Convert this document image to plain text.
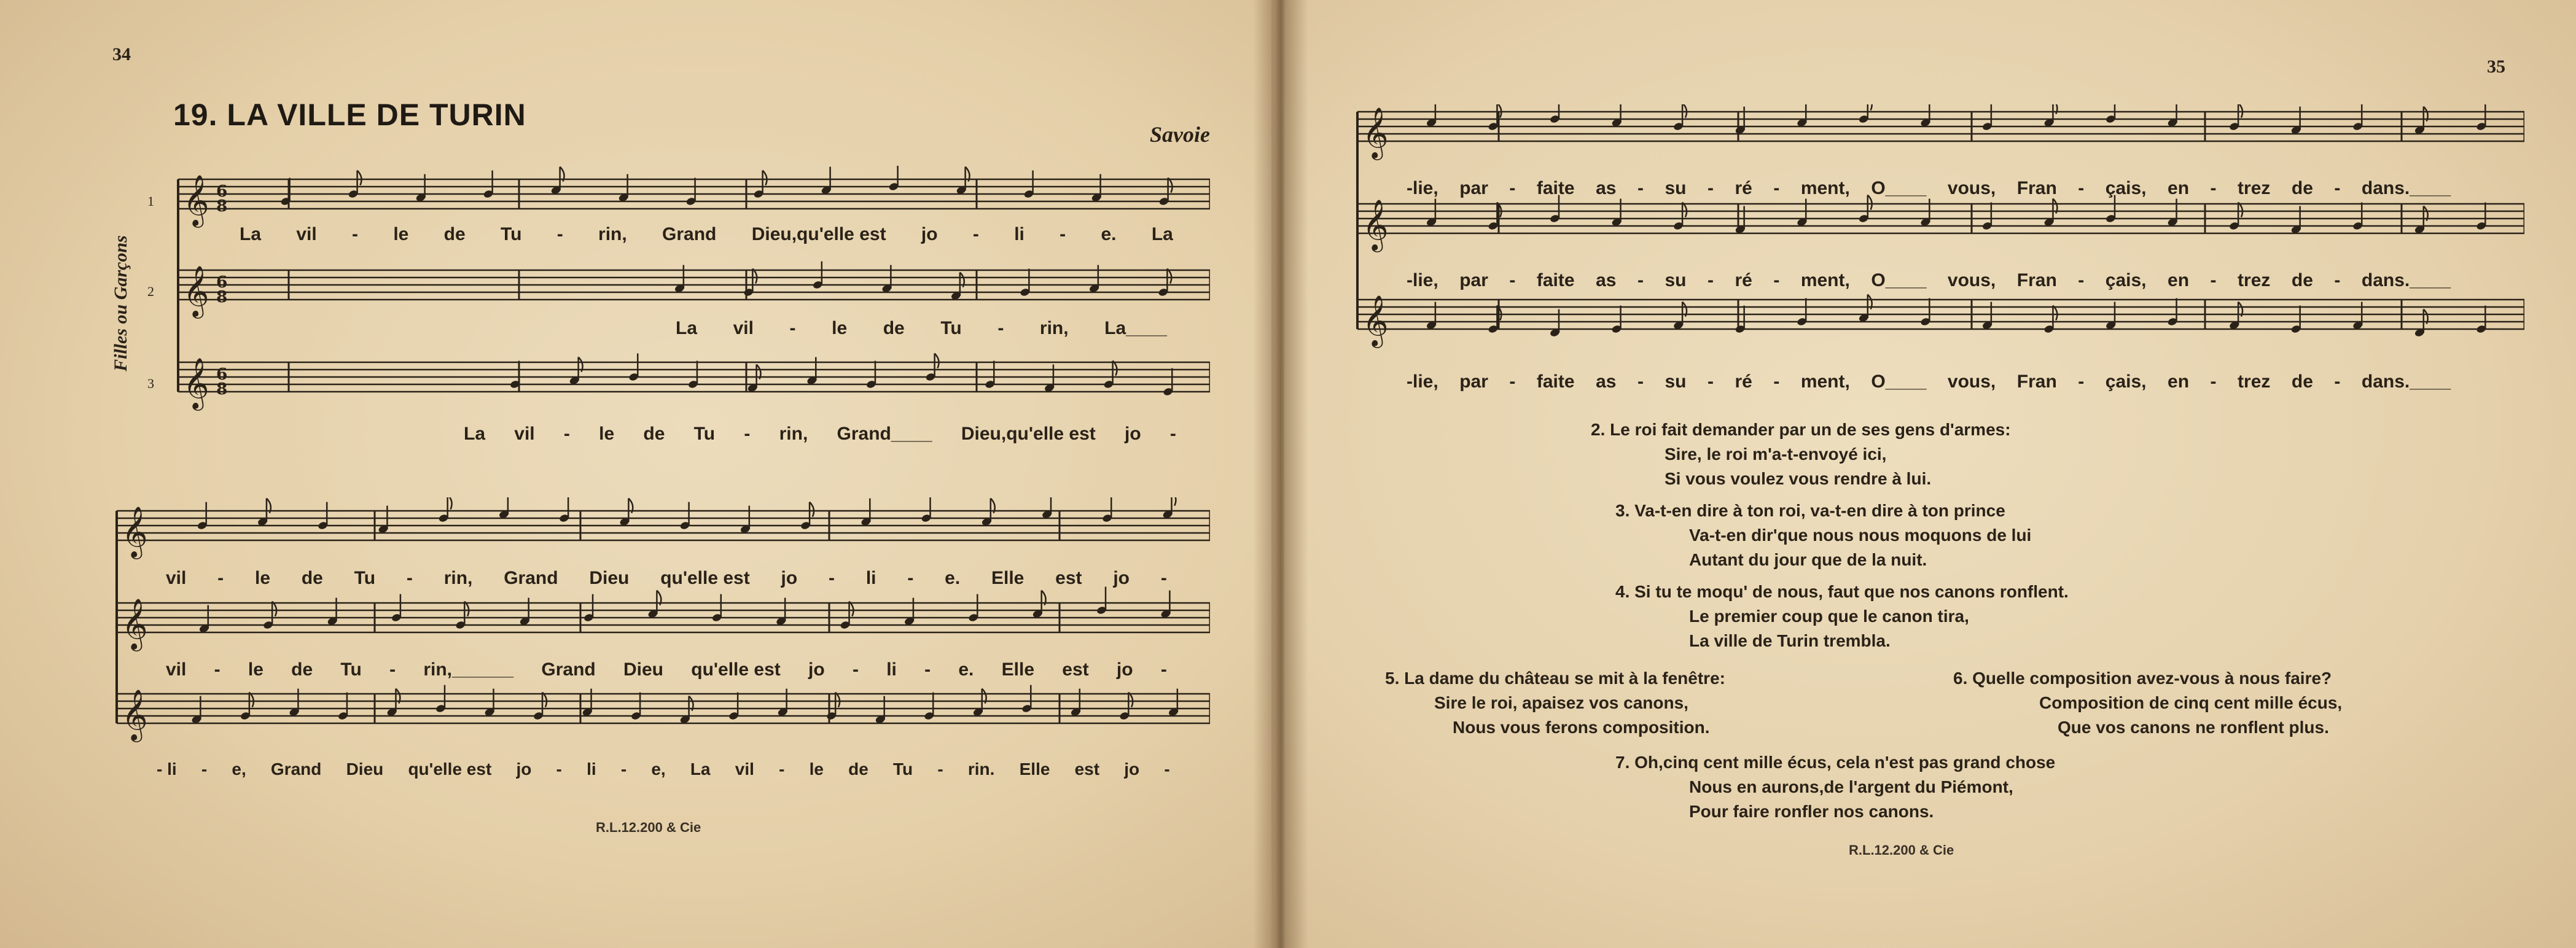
34
19. LA VILLE DE TURIN
Savoie
Filles ou Garçons
1
2
3
𝄞 6
8
𝄞 6
8
𝄞 6
8
La vil - le de Tu - rin, Grand Dieu,qu'elle est jo - li - e. La
La vil - le de Tu - rin, La____
La vil - le de Tu - rin, Grand____ Dieu,qu'elle est jo -
𝄞
𝄞
𝄞
vil - le de Tu - rin, Grand Dieu qu'elle est jo - li - e. Elle est jo -
vil - le de Tu - rin,______ Grand Dieu qu'elle est jo - li - e. Elle est jo -
- li - e, Grand Dieu qu'elle est jo - li - e, La vil - le de Tu - rin. Elle est jo -
R.L.12.200 & Cie
35
𝄞
𝄞
𝄞
-lie, par - faite as - su - ré - ment, O____ vous, Fran - çais, en - trez de - dans.____
-lie, par - faite as - su - ré - ment, O____ vous, Fran - çais, en - trez de - dans.____
-lie, par - faite as - su - ré - ment, O____ vous, Fran - çais, en - trez de - dans.____
2. Le roi fait demander par un de ses gens d'armes:
Sire, le roi m'a-t-envoyé ici,
Si vous voulez vous rendre à lui.
3. Va-t-en dire à ton roi, va-t-en dire à ton prince
Va-t-en dir'que nous nous moquons de lui
Autant du jour que de la nuit.
4. Si tu te moqu' de nous, faut que nos canons ronflent.
Le premier coup que le canon tira,
La ville de Turin trembla.
5. La dame du château se mit à la fenêtre:
Sire le roi, apaisez vos canons,
Nous vous ferons composition.
6. Quelle composition avez-vous à nous faire?
Composition de cinq cent mille écus,
Que vos canons ne ronflent plus.
7. Oh,cinq cent mille écus, cela n'est pas grand chose
Nous en aurons,de l'argent du Piémont,
Pour faire ronfler nos canons.
R.L.12.200 & Cie
